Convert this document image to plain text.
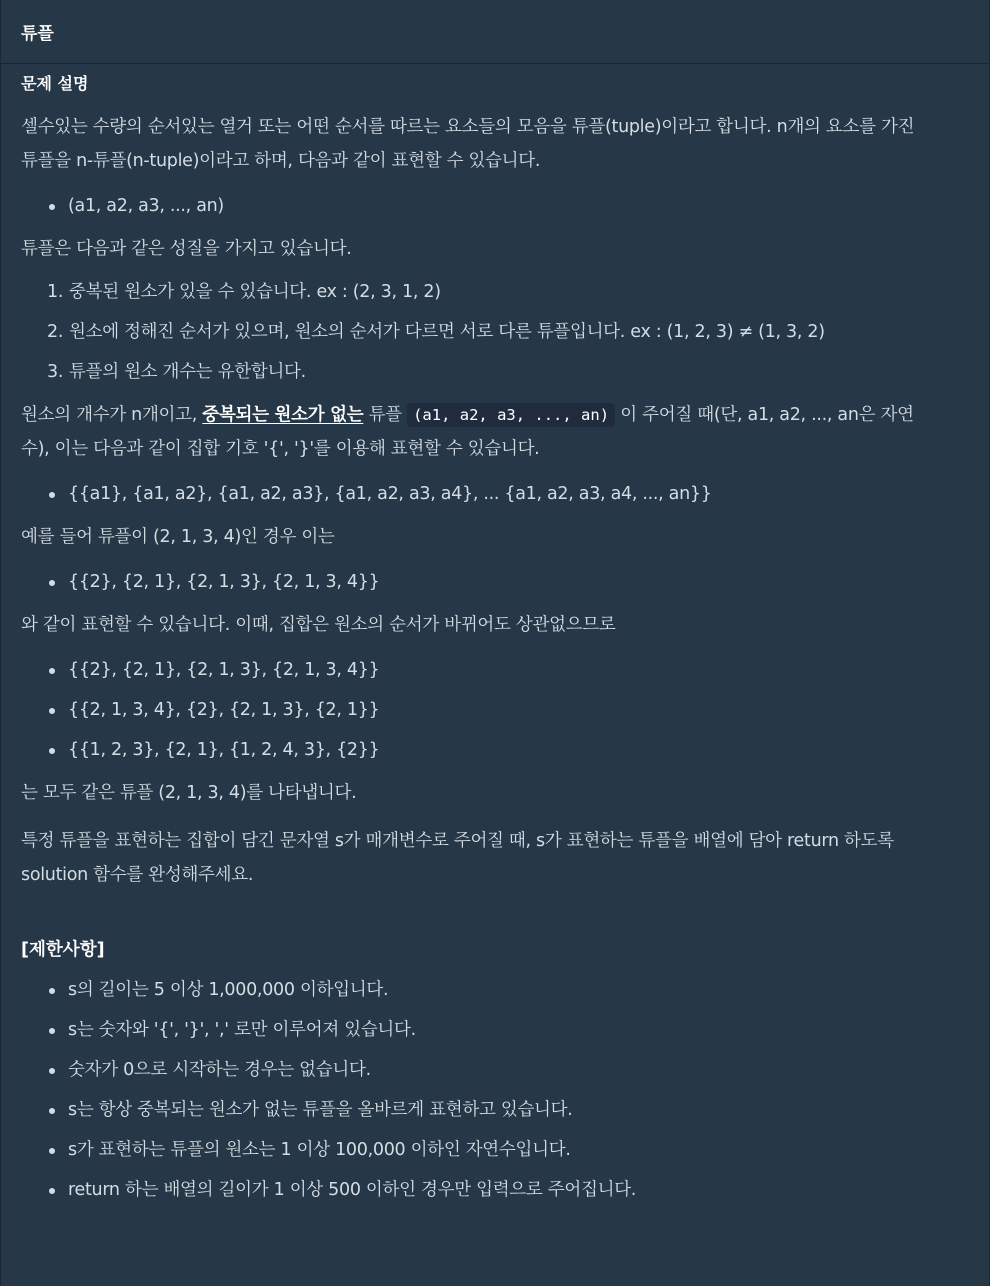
튜플
문제 설명

셀수있는 수량의 순서있는 열거 또는 어떤 순서를 따르는 요소들의 모음을 튜플(tuple)이라고 합니다. n개의 요소를 가진
튜플을 n-튜플(n-tuple)이라고 하며, 다음과 같이 표현할 수 있습니다.

(a1, a2, a3, ..., an)

튜플은 다음과 같은 성질을 가지고 있습니다.

1. 중복된 원소가 있을 수 있습니다. ex : (2, 3, 1, 2)
2. 원소에 정해진 순서가 있으며, 원소의 순서가 다르면 서로 다른 튜플입니다. ex : (1, 2, 3) ≠ (1, 3, 2)
3. 튜플의 원소 개수는 유한합니다.

원소의 개수가 n개이고, 중복되는 원소가 없는 튜플 (a1, a2, a3, ..., an) 이 주어질 때(단, a1, a2, ..., an은 자연
수), 이는 다음과 같이 집합 기호 '{', '}'를 이용해 표현할 수 있습니다.

{{a1}, {a1, a2}, {a1, a2, a3}, {a1, a2, a3, a4}, ... {a1, a2, a3, a4, ..., an}}

예를 들어 튜플이 (2, 1, 3, 4)인 경우 이는

{{2}, {2, 1}, {2, 1, 3}, {2, 1, 3, 4}}

와 같이 표현할 수 있습니다. 이때, 집합은 원소의 순서가 바뀌어도 상관없으므로

{{2}, {2, 1}, {2, 1, 3}, {2, 1, 3, 4}}
{{2, 1, 3, 4}, {2}, {2, 1, 3}, {2, 1}}
{{1, 2, 3}, {2, 1}, {1, 2, 4, 3}, {2}}

는 모두 같은 튜플 (2, 1, 3, 4)를 나타냅니다.

특정 튜플을 표현하는 집합이 담긴 문자열 s가 매개변수로 주어질 때, s가 표현하는 튜플을 배열에 담아 return 하도록
solution 함수를 완성해주세요.

[제한사항]
s의 길이는 5 이상 1,000,000 이하입니다.
s는 숫자와 '{', '}', ',' 로만 이루어져 있습니다.
숫자가 0으로 시작하는 경우는 없습니다.
s는 항상 중복되는 원소가 없는 튜플을 올바르게 표현하고 있습니다.
s가 표현하는 튜플의 원소는 1 이상 100,000 이하인 자연수입니다.
return 하는 배열의 길이가 1 이상 500 이하인 경우만 입력으로 주어집니다.
